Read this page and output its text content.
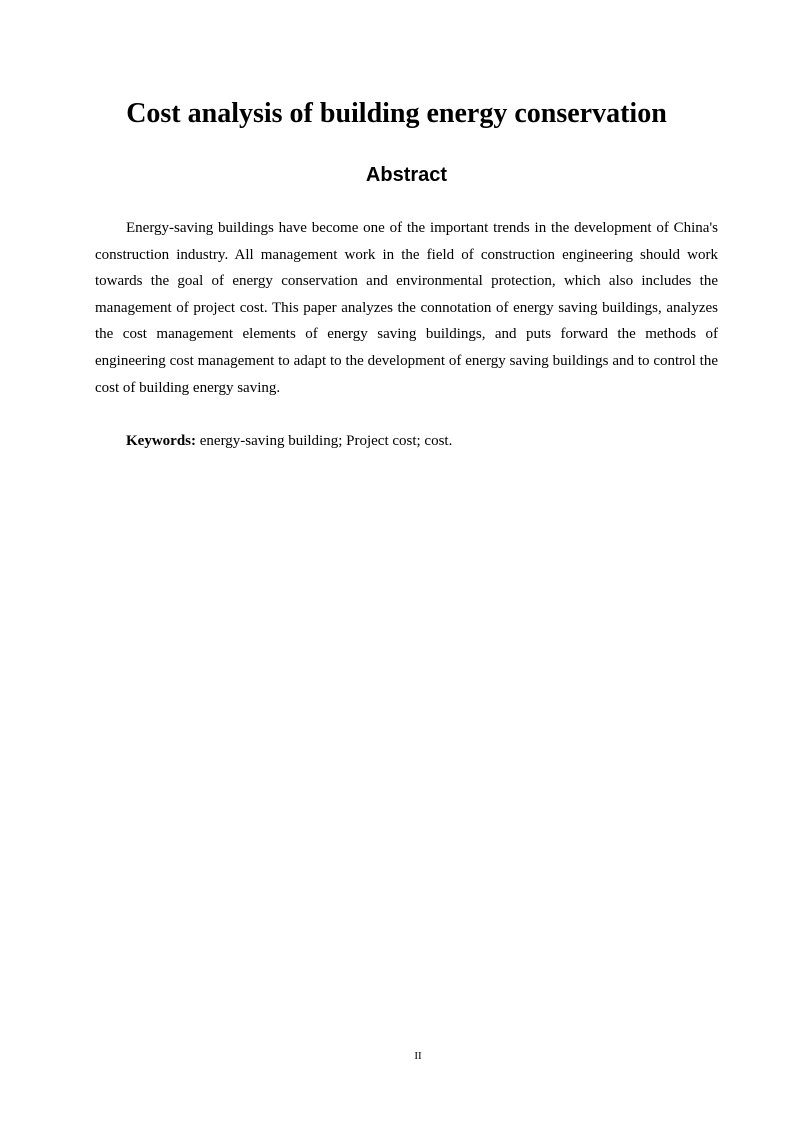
Cost analysis of building energy conservation
Abstract

Energy-saving buildings have become one of the important trends in the development of China's construction industry. All management work in the field of construction engineering should work towards the goal of energy conservation and environmental protection, which also includes the management of project cost. This paper analyzes the connotation of energy saving buildings, analyzes the cost management elements of energy saving buildings, and puts forward the methods of engineering cost management to adapt to the development of energy saving buildings and to control the cost of building energy saving.

Keywords: energy-saving building; Project cost; cost.

II
